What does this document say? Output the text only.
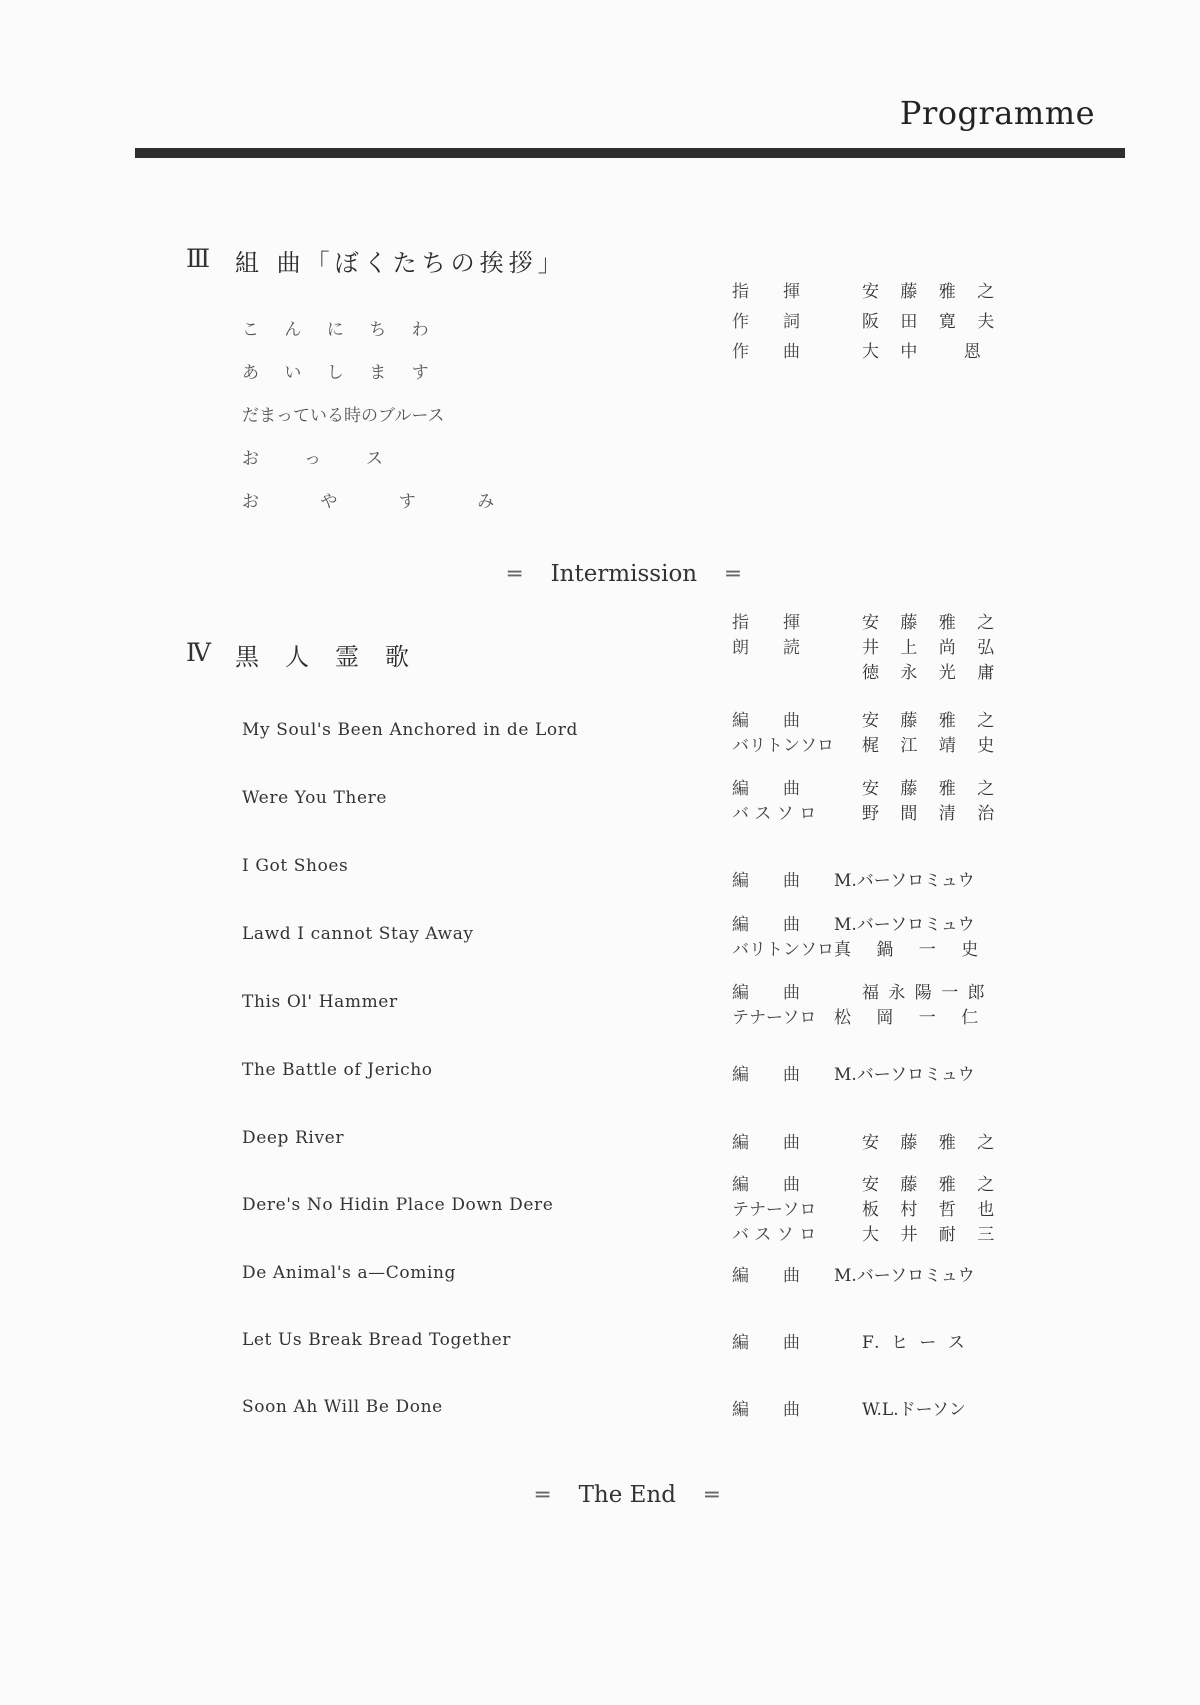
Programme
Ⅲ 組 曲「ぼくたちの挨拶」
こ ん に ち わ
あ い し ま す
だまっている時のブルース
お　っ　ス
お や す み
指　　揮	安 藤 雅 之
作　　詞	阪 田 寛 夫
作　　曲	大 中　 恩
═ Intermission ═
Ⅳ 黒人霊歌
指　　揮	安 藤 雅 之
朗　　読	井 上 尚 弘
徳 永 光 庸
My Soul's Been Anchored in de Lord	編　　曲	安 藤 雅 之
バリトンソロ 梶 江 靖 史
Were You There	編　　曲	安 藤 雅 之
バ ス ソ ロ	野 間 清 治
I Got Shoes
編　　曲 M.バーソロミュウ
Lawd I cannot Stay Away	編　　曲 M.バーソロミュウ
バリトンソロ 真 鍋 一 史
This Ol' Hammer	編　　曲	福 永 陽 一 郎
テナーソロ 松 岡 一 仁
The Battle of Jericho	編　　曲 M.バーソロミュウ
Deep River	編　　曲	安 藤 雅 之
Dere's No Hidin Place Down Dere
編　　曲	安 藤 雅 之
テナーソロ	板 村 哲 也
バ ス ソ ロ	大 井 耐 三
De Animal's a—Coming	編　　曲 M.バーソロミュウ
Let Us Break Bread Together	編　　曲	F. ヒ ー ス
Soon Ah Will Be Done	編　　曲	W.L.ドーソン
═ The End ═
